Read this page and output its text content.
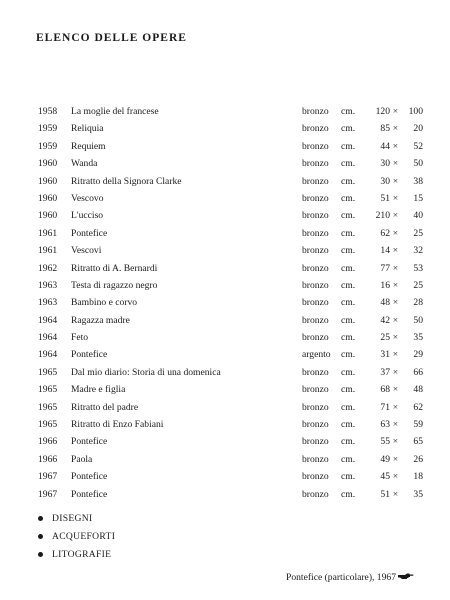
ELENCO DELLE OPERE
1958 La moglie del francese	bronzo cm.	120 ×	100
1959 Reliquia	bronzo cm.	85 ×	20
1959 Requiem	bronzo cm.	44 ×	52
1960 Wanda	bronzo cm.	30 ×	50
1960 Ritratto della Signora Clarke	bronzo cm.	30 ×	38
1960 Vescovo	bronzo cm.	51 ×	15
1960 L'ucciso	bronzo cm.	210 ×	40
1961 Pontefice	bronzo cm.	62 ×	25
1961 Vescovi	bronzo cm.	14 ×	32
1962 Ritratto di A. Bernardi	bronzo cm.	77 ×	53
1963 Testa di ragazzo negro	bronzo cm.	16 ×	25
1963 Bambino e corvo	bronzo cm.	48 ×	28
1964 Ragazza madre	bronzo cm.	42 ×	50
1964 Feto	bronzo cm.	25 ×	35
1964 Pontefice	argento cm.	31 ×	29
1965 Dal mio diario: Storia di una domenica	bronzo cm.	37 ×	66
1965 Madre e figlia	bronzo cm.	68 ×	48
1965 Ritratto del padre	bronzo cm.	71 ×	62
1965 Ritratto di Enzo Fabiani	bronzo cm.	63 ×	59
1966 Pontefice	bronzo cm.	55 ×	65
1966 Paola	bronzo cm.	49 ×	26
1967 Pontefice	bronzo cm.	45 ×	18
1967 Pontefice	bronzo cm.	51 ×	35
DISEGNI
ACQUEFORTI
LITOGRAFIE
Pontefice (particolare), 1967
